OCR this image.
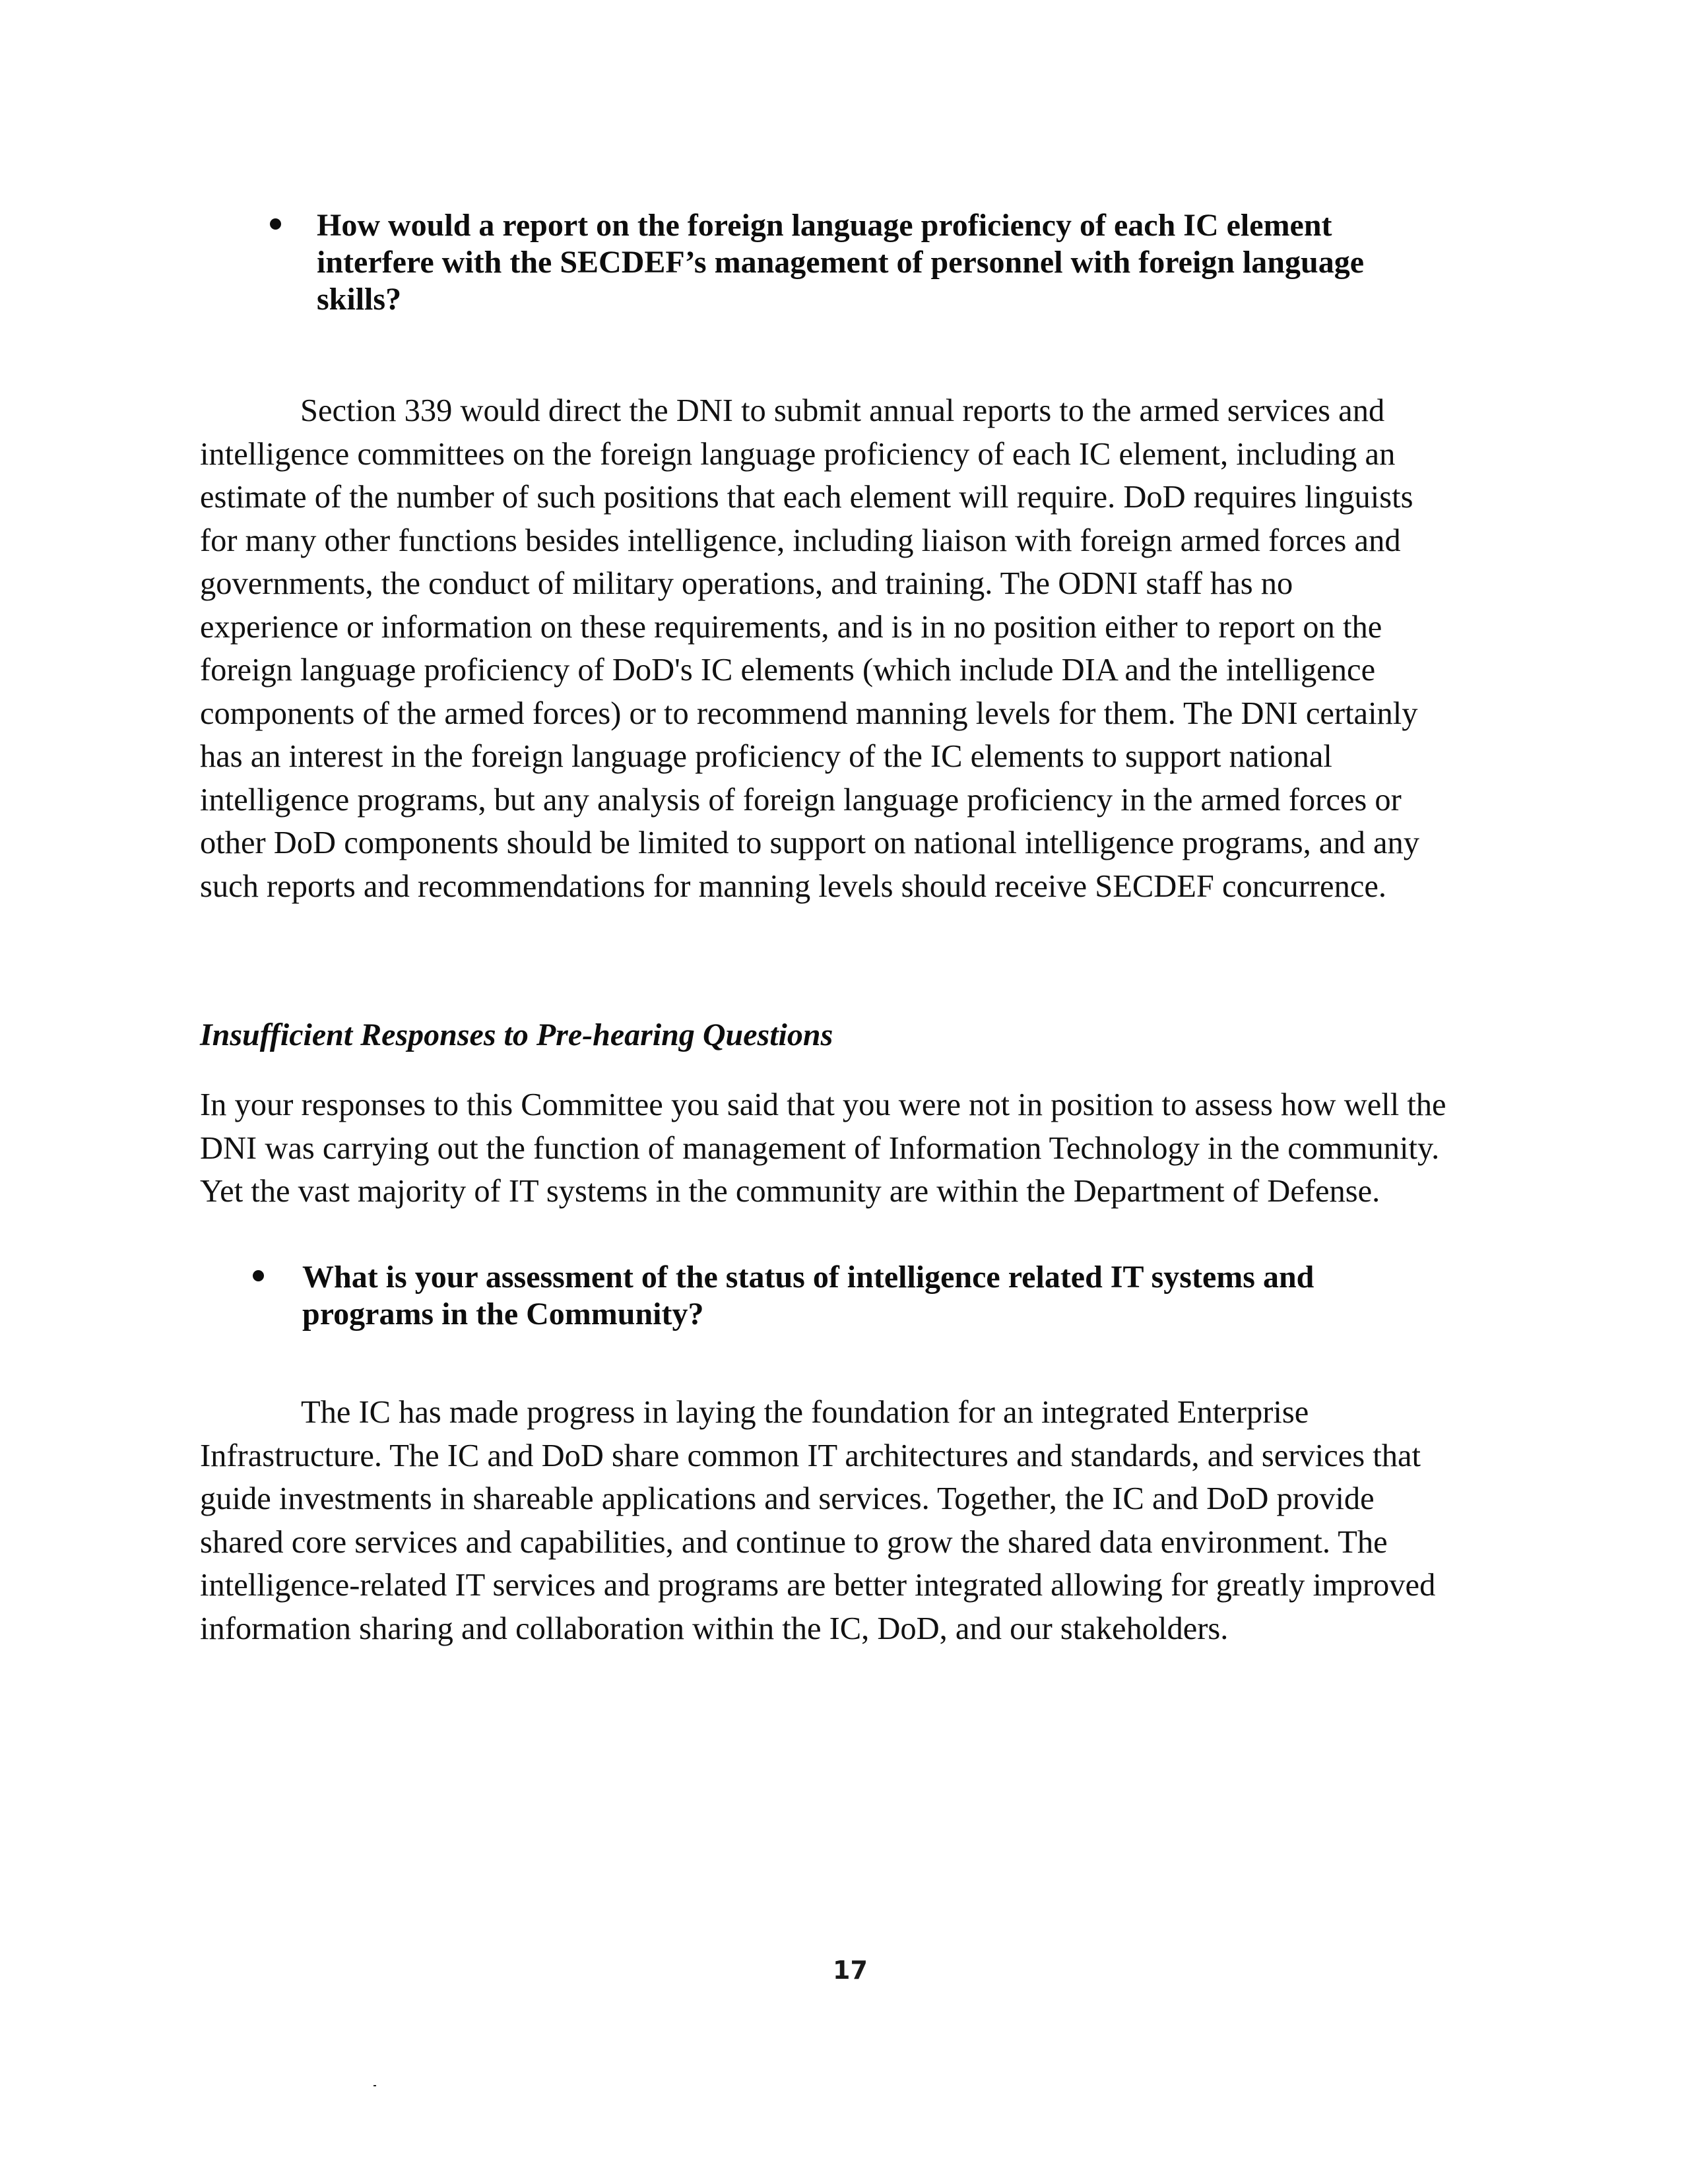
How would a report on the foreign language proficiency of each IC element
interfere with the SECDEF’s management of personnel with foreign language
skills?
Section 339 would direct the DNI to submit annual reports to the armed services and
intelligence committees on the foreign language proficiency of each IC element, including an
estimate of the number of such positions that each element will require. DoD requires linguists
for many other functions besides intelligence, including liaison with foreign armed forces and
governments, the conduct of military operations, and training. The ODNI staff has no
experience or information on these requirements, and is in no position either to report on the
foreign language proficiency of DoD's IC elements (which include DIA and the intelligence
components of the armed forces) or to recommend manning levels for them. The DNI certainly
has an interest in the foreign language proficiency of the IC elements to support national
intelligence programs, but any analysis of foreign language proficiency in the armed forces or
other DoD components should be limited to support on national intelligence programs, and any
such reports and recommendations for manning levels should receive SECDEF concurrence.
Insufficient Responses to Pre-hearing Questions
In your responses to this Committee you said that you were not in position to assess how well the
DNI was carrying out the function of management of Information Technology in the community.
Yet the vast majority of IT systems in the community are within the Department of Defense.
What is your assessment of the status of intelligence related IT systems and
programs in the Community?
The IC has made progress in laying the foundation for an integrated Enterprise
Infrastructure. The IC and DoD share common IT architectures and standards, and services that
guide investments in shareable applications and services. Together, the IC and DoD provide
shared core services and capabilities, and continue to grow the shared data environment. The
intelligence-related IT services and programs are better integrated allowing for greatly improved
information sharing and collaboration within the IC, DoD, and our stakeholders.
17
